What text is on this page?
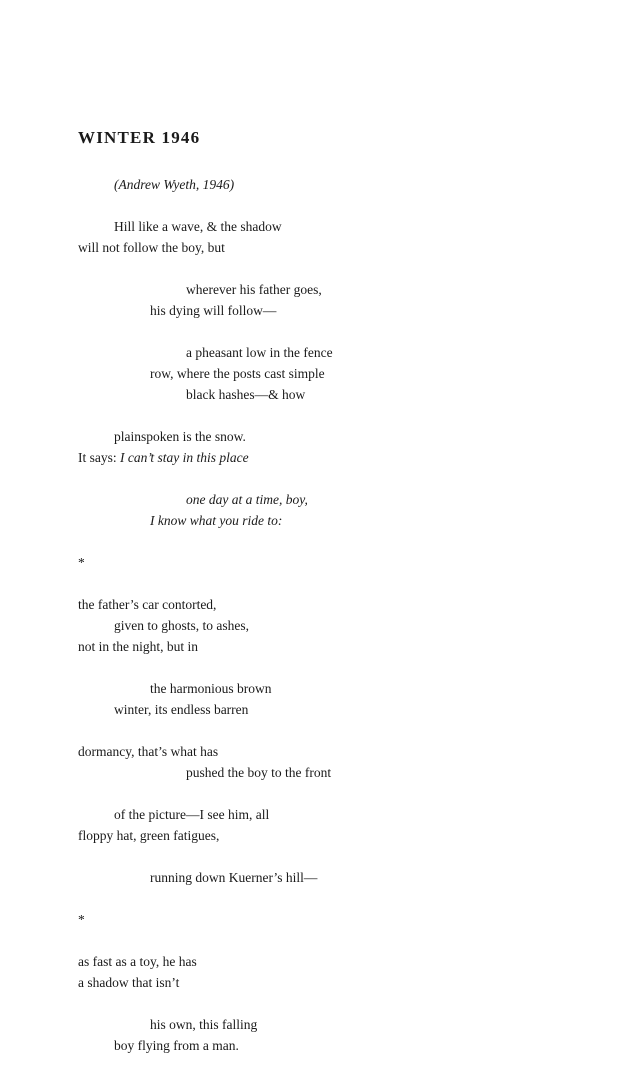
WINTER 1946
(Andrew Wyeth, 1946)
Hill like a wave, & the shadow
will not follow the boy, but
wherever his father goes,
his dying will follow—
a pheasant low in the fence
row, where the posts cast simple
black hashes—& how
plainspoken is the snow.
It says: I can’t stay in this place
one day at a time, boy,
I know what you ride to:
*
the father’s car contorted,
given to ghosts, to ashes,
not in the night, but in
the harmonious brown
winter, its endless barren
dormancy, that’s what has
pushed the boy to the front
of the picture—I see him, all
floppy hat, green fatigues,
running down Kuerner’s hill—
*
as fast as a toy, he has
a shadow that isn’t
his own, this falling
boy flying from a man.
